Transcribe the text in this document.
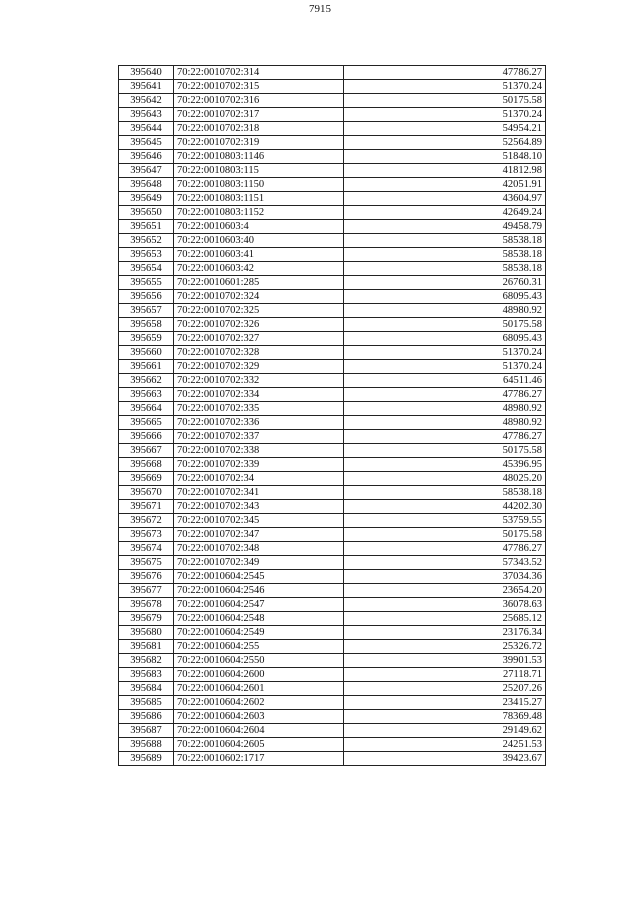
7915
395640	70:22:0010702:314	47786.27
395641	70:22:0010702:315	51370.24
395642	70:22:0010702:316	50175.58
395643	70:22:0010702:317	51370.24
395644	70:22:0010702:318	54954.21
395645	70:22:0010702:319	52564.89
395646	70:22:0010803:1146	51848.10
395647	70:22:0010803:115	41812.98
395648	70:22:0010803:1150	42051.91
395649	70:22:0010803:1151	43604.97
395650	70:22:0010803:1152	42649.24
395651	70:22:0010603:4	49458.79
395652	70:22:0010603:40	58538.18
395653	70:22:0010603:41	58538.18
395654	70:22:0010603:42	58538.18
395655	70:22:0010601:285	26760.31
395656	70:22:0010702:324	68095.43
395657	70:22:0010702:325	48980.92
395658	70:22:0010702:326	50175.58
395659	70:22:0010702:327	68095.43
395660	70:22:0010702:328	51370.24
395661	70:22:0010702:329	51370.24
395662	70:22:0010702:332	64511.46
395663	70:22:0010702:334	47786.27
395664	70:22:0010702:335	48980.92
395665	70:22:0010702:336	48980.92
395666	70:22:0010702:337	47786.27
395667	70:22:0010702:338	50175.58
395668	70:22:0010702:339	45396.95
395669	70:22:0010702:34	48025.20
395670	70:22:0010702:341	58538.18
395671	70:22:0010702:343	44202.30
395672	70:22:0010702:345	53759.55
395673	70:22:0010702:347	50175.58
395674	70:22:0010702:348	47786.27
395675	70:22:0010702:349	57343.52
395676	70:22:0010604:2545	37034.36
395677	70:22:0010604:2546	23654.20
395678	70:22:0010604:2547	36078.63
395679	70:22:0010604:2548	25685.12
395680	70:22:0010604:2549	23176.34
395681	70:22:0010604:255	25326.72
395682	70:22:0010604:2550	39901.53
395683	70:22:0010604:2600	27118.71
395684	70:22:0010604:2601	25207.26
395685	70:22:0010604:2602	23415.27
395686	70:22:0010604:2603	78369.48
395687	70:22:0010604:2604	29149.62
395688	70:22:0010604:2605	24251.53
395689	70:22:0010602:1717	39423.67
